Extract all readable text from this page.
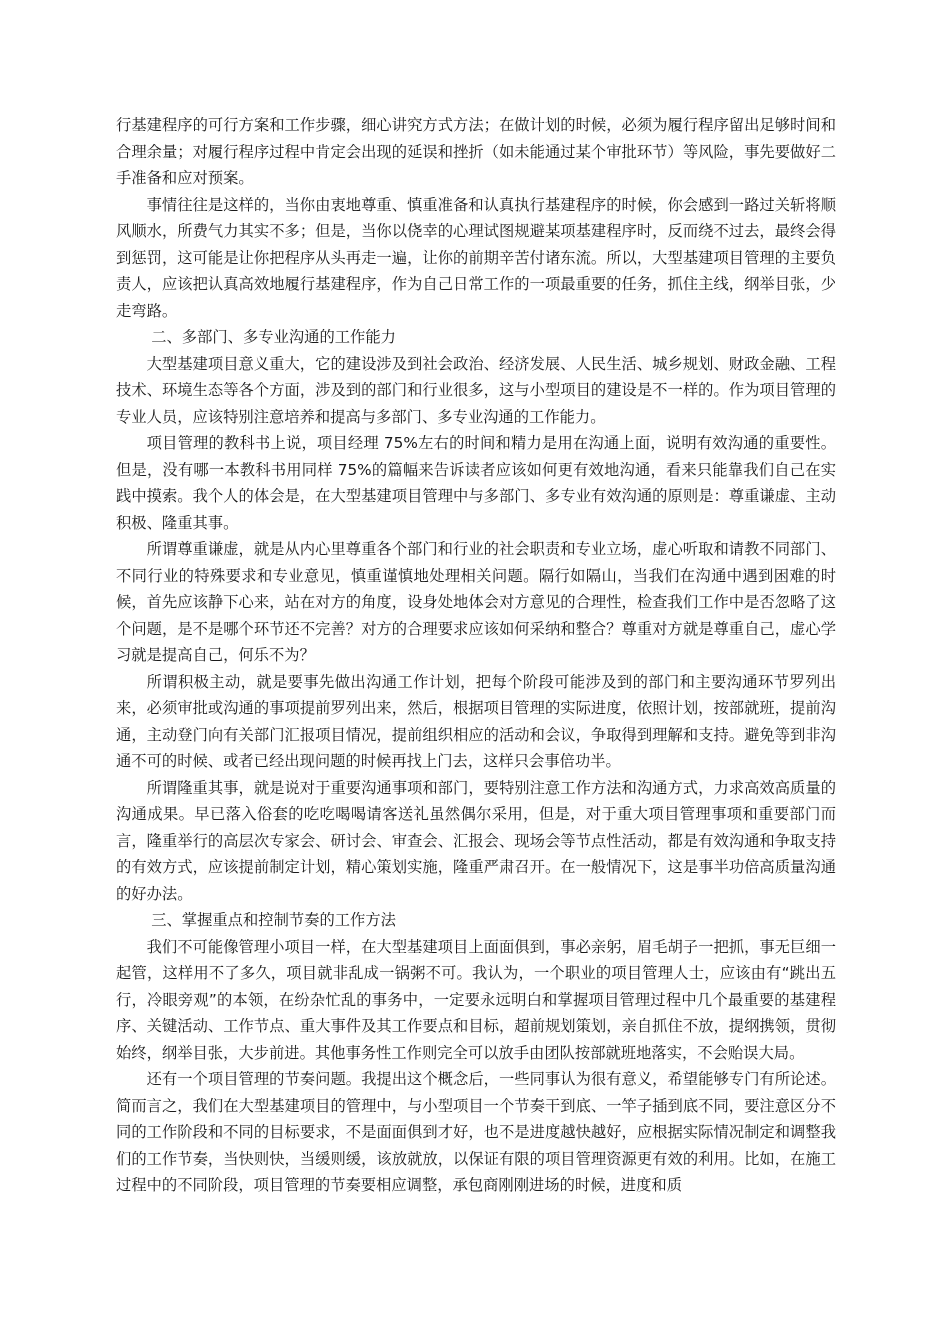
行基建程序的可行方案和工作步骤，细心讲究方式方法；在做计划的时候，必须为履行程序留出足够时间和合理余量；对履行程序过程中肯定会出现的延误和挫折（如未能通过某个审批环节）等风险，事先要做好二手准备和应对预案。

事情往往是这样的，当你由衷地尊重、慎重准备和认真执行基建程序的时候，你会感到一路过关斩将顺风顺水，所费气力其实不多；但是，当你以侥幸的心理试图规避某项基建程序时，反而绕不过去，最终会得到惩罚，这可能是让你把程序从头再走一遍，让你的前期辛苦付诸东流。所以，大型基建项目管理的主要负责人，应该把认真高效地履行基建程序，作为自己日常工作的一项最重要的任务，抓住主线，纲举目张，少走弯路。

二、多部门、多专业沟通的工作能力

大型基建项目意义重大，它的建设涉及到社会政治、经济发展、人民生活、城乡规划、财政金融、工程技术、环境生态等各个方面，涉及到的部门和行业很多，这与小型项目的建设是不一样的。作为项目管理的专业人员，应该特别注意培养和提高与多部门、多专业沟通的工作能力。

项目管理的教科书上说，项目经理 75%左右的时间和精力是用在沟通上面，说明有效沟通的重要性。但是，没有哪一本教科书用同样 75%的篇幅来告诉读者应该如何更有效地沟通，看来只能靠我们自己在实践中摸索。我个人的体会是，在大型基建项目管理中与多部门、多专业有效沟通的原则是：尊重谦虚、主动积极、隆重其事。

所谓尊重谦虚，就是从内心里尊重各个部门和行业的社会职责和专业立场，虚心听取和请教不同部门、不同行业的特殊要求和专业意见，慎重谨慎地处理相关问题。隔行如隔山，当我们在沟通中遇到困难的时候，首先应该静下心来，站在对方的角度，设身处地体会对方意见的合理性，检查我们工作中是否忽略了这个问题，是不是哪个环节还不完善？对方的合理要求应该如何采纳和整合？尊重对方就是尊重自己，虚心学习就是提高自己，何乐不为？

所谓积极主动，就是要事先做出沟通工作计划，把每个阶段可能涉及到的部门和主要沟通环节罗列出来，必须审批或沟通的事项提前罗列出来，然后，根据项目管理的实际进度，依照计划，按部就班，提前沟通，主动登门向有关部门汇报项目情况，提前组织相应的活动和会议，争取得到理解和支持。避免等到非沟通不可的时候、或者已经出现问题的时候再找上门去，这样只会事倍功半。

所谓隆重其事，就是说对于重要沟通事项和部门，要特别注意工作方法和沟通方式，力求高效高质量的沟通成果。早已落入俗套的吃吃喝喝请客送礼虽然偶尔采用，但是，对于重大项目管理事项和重要部门而言，隆重举行的高层次专家会、研讨会、审查会、汇报会、现场会等节点性活动，都是有效沟通和争取支持的有效方式，应该提前制定计划，精心策划实施，隆重严肃召开。在一般情况下，这是事半功倍高质量沟通的好办法。

三、掌握重点和控制节奏的工作方法

我们不可能像管理小项目一样，在大型基建项目上面面俱到，事必亲躬，眉毛胡子一把抓，事无巨细一起管，这样用不了多久，项目就非乱成一锅粥不可。我认为，一个职业的项目管理人士，应该由有“跳出五行，冷眼旁观”的本领，在纷杂忙乱的事务中，一定要永远明白和掌握项目管理过程中几个最重要的基建程序、关键活动、工作节点、重大事件及其工作要点和目标，超前规划策划，亲自抓住不放，提纲携领，贯彻始终，纲举目张，大步前进。其他事务性工作则完全可以放手由团队按部就班地落实，不会贻误大局。

还有一个项目管理的节奏问题。我提出这个概念后，一些同事认为很有意义，希望能够专门有所论述。简而言之，我们在大型基建项目的管理中，与小型项目一个节奏干到底、一竿子插到底不同，要注意区分不同的工作阶段和不同的目标要求，不是面面俱到才好，也不是进度越快越好，应根据实际情况制定和调整我们的工作节奏，当快则快，当缓则缓，该放就放，以保证有限的项目管理资源更有效的利用。比如，在施工过程中的不同阶段，项目管理的节奏要相应调整，承包商刚刚进场的时候，进度和质
